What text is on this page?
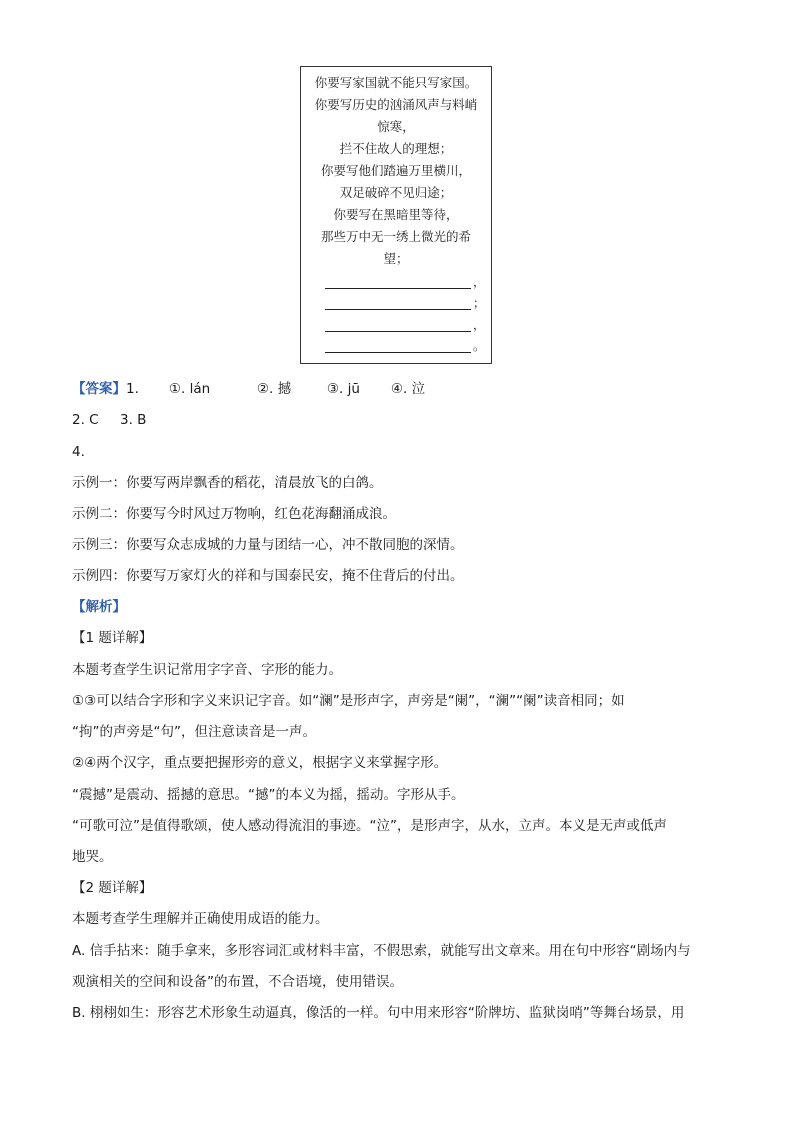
你要写家国就不能只写家国。
你要写历史的汹涌风声与料峭
惊寒，
拦不住故人的理想；
你要写他们踏遍万里横川，
双足破碎不见归途；
你要写在黑暗里等待，
那些万中无一绣上微光的希
望；
，
；
，
。
【答案】1. ①. lán	②. 撼	③. jū ④. 泣
2. C 3. B
4.
示例一：你要写两岸飘香的稻花，清晨放飞的白鸽。
示例二：你要写今时风过万物响，红色花海翻涌成浪。
示例三：你要写众志成城的力量与团结一心，冲不散同胞的深情。
示例四：你要写万家灯火的祥和与国泰民安，掩不住背后的付出。
【解析】
【1 题详解】
本题考查学生识记常用字字音、字形的能力。
①③可以结合字形和字义来识记字音。如“澜”是形声字，声旁是“阑”，“澜”“阑”读音相同；如
“拘”的声旁是“句”，但注意读音是一声。
②④两个汉字，重点要把握形旁的意义，根据字义来掌握字形。
“震撼”是震动、摇撼的意思。“撼”的本义为摇，摇动。字形从手。
“可歌可泣”是值得歌颂，使人感动得流泪的事迹。“泣”，是形声字，从水，立声。本义是无声或低声
地哭。
【2 题详解】
本题考查学生理解并正确使用成语的能力。
A. 信手拈来：随手拿来，多形容词汇或材料丰富，不假思索，就能写出文章来。用在句中形容“剧场内与
观演相关的空间和设备”的布置，不合语境，使用错误。
B. 栩栩如生：形容艺术形象生动逼真，像活的一样。句中用来形容“阶牌坊、监狱岗哨”等舞台场景，用
